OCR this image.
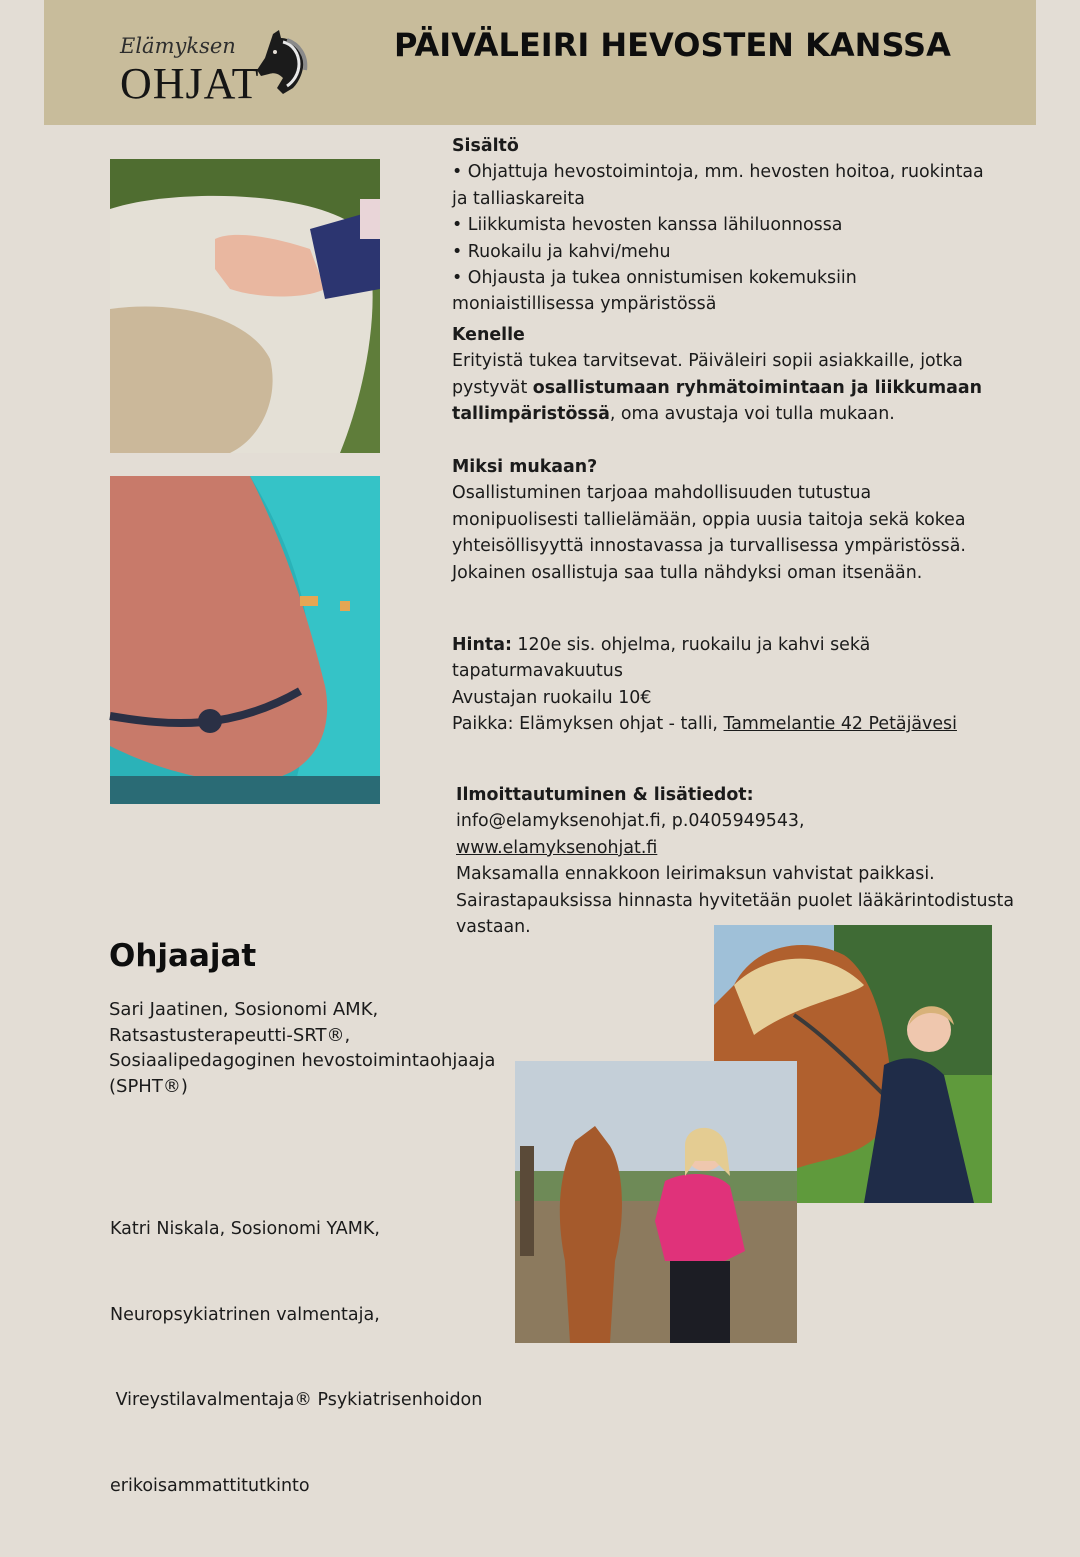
Elämyksen
OHJAT
PÄIVÄLEIRI HEVOSTEN KANSSA
Sisältö
• Ohjattuja hevostoimintoja, mm. hevosten hoitoa, ruokintaa ja talliaskareita
• Liikkumista hevosten kanssa lähiluonnossa
• Ruokailu ja kahvi/mehu
• Ohjausta ja tukea onnistumisen kokemuksiin moniaistillisessa ympäristössä
Kenelle
Erityistä tukea tarvitsevat. Päiväleiri sopii asiakkaille, jotka pystyvät osallistumaan ryhmätoimintaan ja liikkumaan tallimpäristössä, oma avustaja voi tulla mukaan.
Miksi mukaan?
Osallistuminen tarjoaa mahdollisuuden tutustua monipuolisesti tallielämään, oppia uusia taitoja sekä kokea yhteisöllisyyttä innostavassa ja turvallisessa ympäristössä. Jokainen osallistuja saa tulla nähdyksi oman itsenään.
Hinta: 120e sis. ohjelma, ruokailu ja kahvi sekä tapaturmavakuutus
Avustajan ruokailu 10€
Paikka: Elämyksen ohjat - talli, Tammelantie 42 Petäjävesi
Ilmoittautuminen & lisätiedot:
info@elamyksenohjat.fi, p.0405949543,
www.elamyksenohjat.fi
Maksamalla ennakkoon leirimaksun vahvistat paikkasi. Sairastapauksissa hinnasta hyvitetään puolet lääkärintodistusta vastaan.
Ohjaajat
Sari Jaatinen, Sosionomi AMK,
Ratsastusterapeutti-SRT®,
Sosiaalipedagoginen hevostoimintaohjaaja
(SPHT®)

Katri Niskala, Sosionomi YAMK,

Neuropsykiatrinen valmentaja,

Vireystilavalmentaja® Psykiatrisenhoidon

erikoisammattitutkinto
